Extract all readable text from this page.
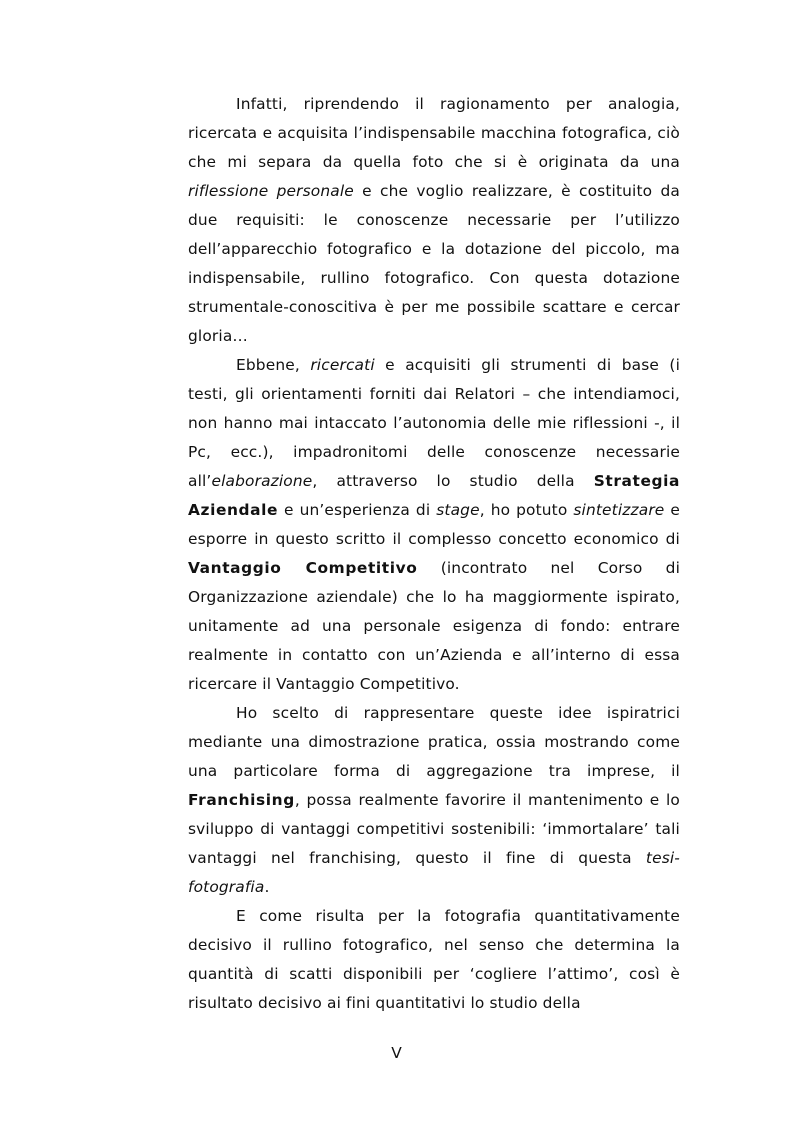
Infatti, riprendendo il ragionamento per analogia, ricercata e acquisita l’indispensabile macchina fotografica, ciò che mi separa da quella foto che si è originata da una riflessione personale e che voglio realizzare, è costituito da due requisiti: le conoscenze necessarie per l’utilizzo dell’apparecchio fotografico e la dotazione del piccolo, ma indispensabile, rullino fotografico. Con questa dotazione strumentale-conoscitiva è per me possibile scattare e cercar gloria…

Ebbene, ricercati e acquisiti gli strumenti di base (i testi, gli orientamenti forniti dai Relatori – che intendiamoci, non hanno mai intaccato l’autonomia delle mie riflessioni -, il Pc, ecc.), impadronitomi delle conoscenze necessarie all’elaborazione, attraverso lo studio della Strategia Aziendale e un’esperienza di stage, ho potuto sintetizzare e esporre in questo scritto il complesso concetto economico di Vantaggio Competitivo (incontrato nel Corso di Organizzazione aziendale) che lo ha maggiormente ispirato, unitamente ad una personale esigenza di fondo: entrare realmente in contatto con un’Azienda e all’interno di essa ricercare il Vantaggio Competitivo.

Ho scelto di rappresentare queste idee ispiratrici mediante una dimostrazione pratica, ossia mostrando come una particolare forma di aggregazione tra imprese, il Franchising, possa realmente favorire il mantenimento e lo sviluppo di vantaggi competitivi sostenibili: ‘immortalare’ tali vantaggi nel franchising, questo il fine di questa tesi-fotografia.

E come risulta per la fotografia quantitativamente decisivo il rullino fotografico, nel senso che determina la quantità di scatti disponibili per ‘cogliere l’attimo’, così è risultato decisivo ai fini quantitativi lo studio della

V
